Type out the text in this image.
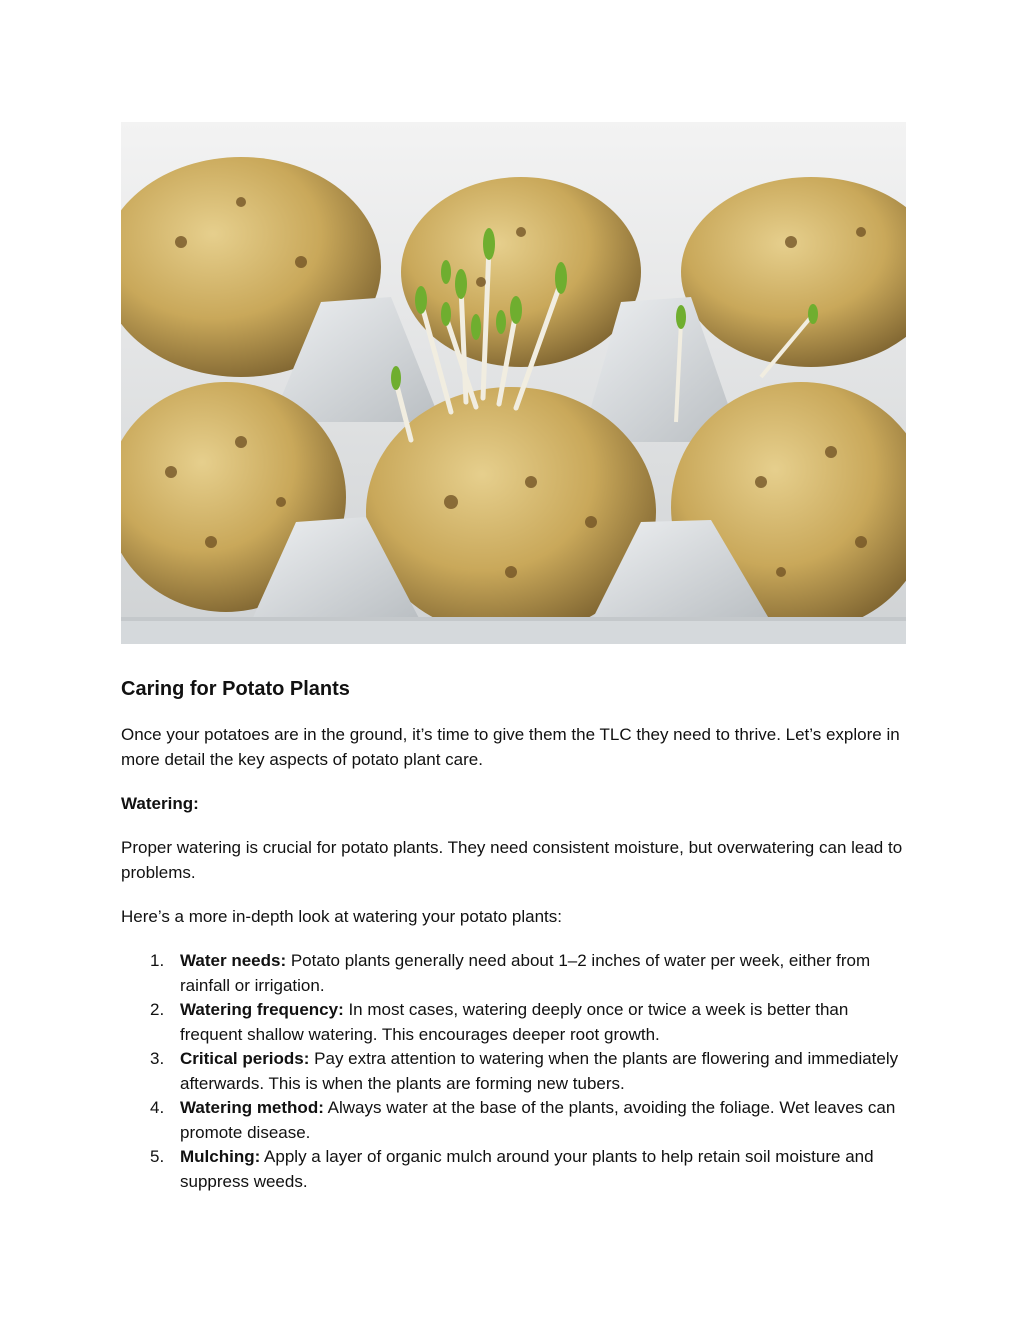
Caring for Potato Plants

Once your potatoes are in the ground, it’s time to give them the TLC they need to thrive. Let’s explore in more detail the key aspects of potato plant care.

Watering:

Proper watering is crucial for potato plants. They need consistent moisture, but overwatering can lead to problems.

Here’s a more in-depth look at watering your potato plants:

1. Water needs: Potato plants generally need about 1–2 inches of water per week, either from rainfall or irrigation.
2. Watering frequency: In most cases, watering deeply once or twice a week is better than frequent shallow watering. This encourages deeper root growth.
3. Critical periods: Pay extra attention to watering when the plants are flowering and immediately afterwards. This is when the plants are forming new tubers.
4. Watering method: Always water at the base of the plants, avoiding the foliage. Wet leaves can promote disease.
5. Mulching: Apply a layer of organic mulch around your plants to help retain soil moisture and suppress weeds.
